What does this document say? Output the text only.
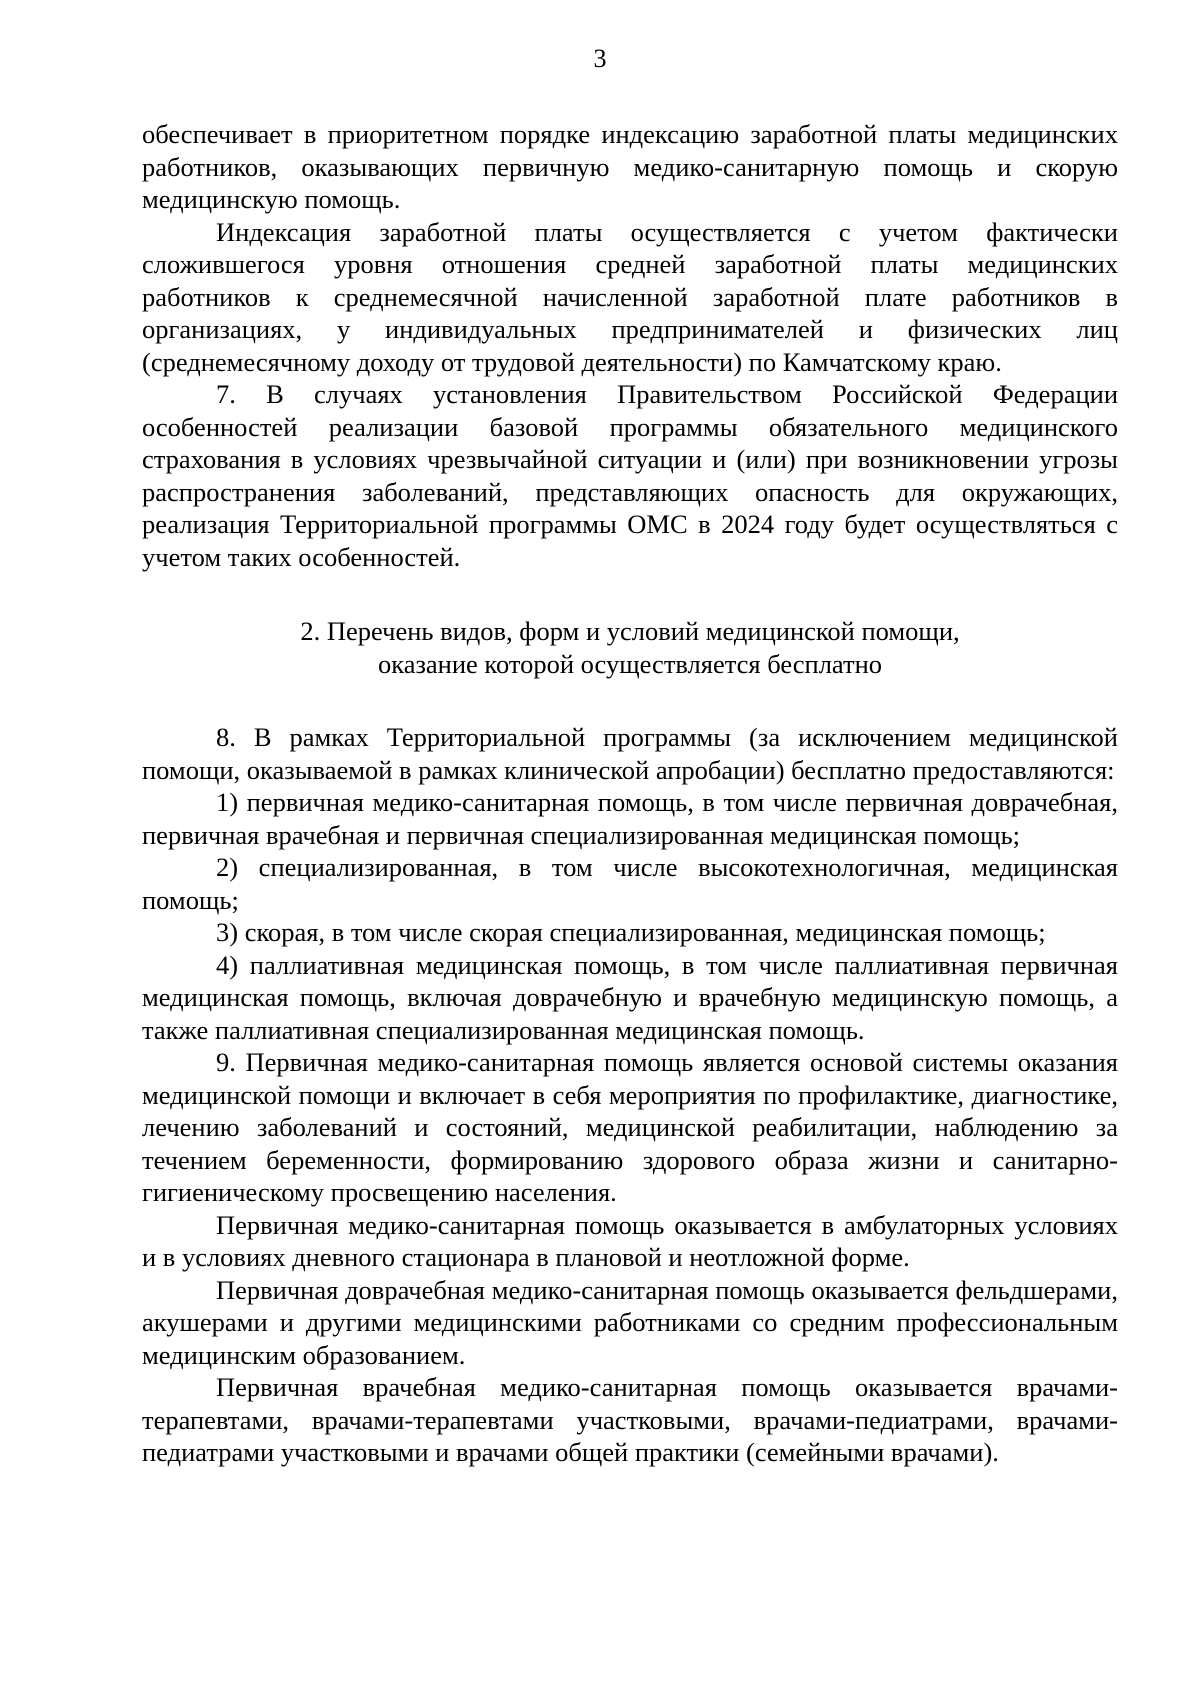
3

обеспечивает в приоритетном порядке индексацию заработной платы медицинских работников, оказывающих первичную медико-санитарную помощь и скорую медицинскую помощь.

Индексация заработной платы осуществляется с учетом фактически сложившегося уровня отношения средней заработной платы медицинских работников к среднемесячной начисленной заработной плате работников в организациях, у индивидуальных предпринимателей и физических лиц (среднемесячному доходу от трудовой деятельности) по Камчатскому краю.

7. В случаях установления Правительством Российской Федерации особенностей реализации базовой программы обязательного медицинского страхования в условиях чрезвычайной ситуации и (или) при возникновении угрозы распространения заболеваний, представляющих опасность для окружающих, реализация Территориальной программы ОМС в 2024 году будет осуществляться с учетом таких особенностей.

2. Перечень видов, форм и условий медицинской помощи,
оказание которой осуществляется бесплатно

8. В рамках Территориальной программы (за исключением медицинской помощи, оказываемой в рамках клинической апробации) бесплатно предоставляются:

1) первичная медико-санитарная помощь, в том числе первичная доврачебная, первичная врачебная и первичная специализированная медицинская помощь;

2) специализированная, в том числе высокотехнологичная, медицинская помощь;

3) скорая, в том числе скорая специализированная, медицинская помощь;

4) паллиативная медицинская помощь, в том числе паллиативная первичная медицинская помощь, включая доврачебную и врачебную медицинскую помощь, а также паллиативная специализированная медицинская помощь.

9. Первичная медико-санитарная помощь является основой системы оказания медицинской помощи и включает в себя мероприятия по профилактике, диагностике, лечению заболеваний и состояний, медицинской реабилитации, наблюдению за течением беременности, формированию здорового образа жизни и санитарно-гигиеническому просвещению населения.

Первичная медико-санитарная помощь оказывается в амбулаторных условиях и в условиях дневного стационара в плановой и неотложной форме.

Первичная доврачебная медико-санитарная помощь оказывается фельдшерами, акушерами и другими медицинскими работниками со средним профессиональным медицинским образованием.

Первичная врачебная медико-санитарная помощь оказывается врачами-терапевтами, врачами-терапевтами участковыми, врачами-педиатрами, врачами-педиатрами участковыми и врачами общей практики (семейными врачами).
